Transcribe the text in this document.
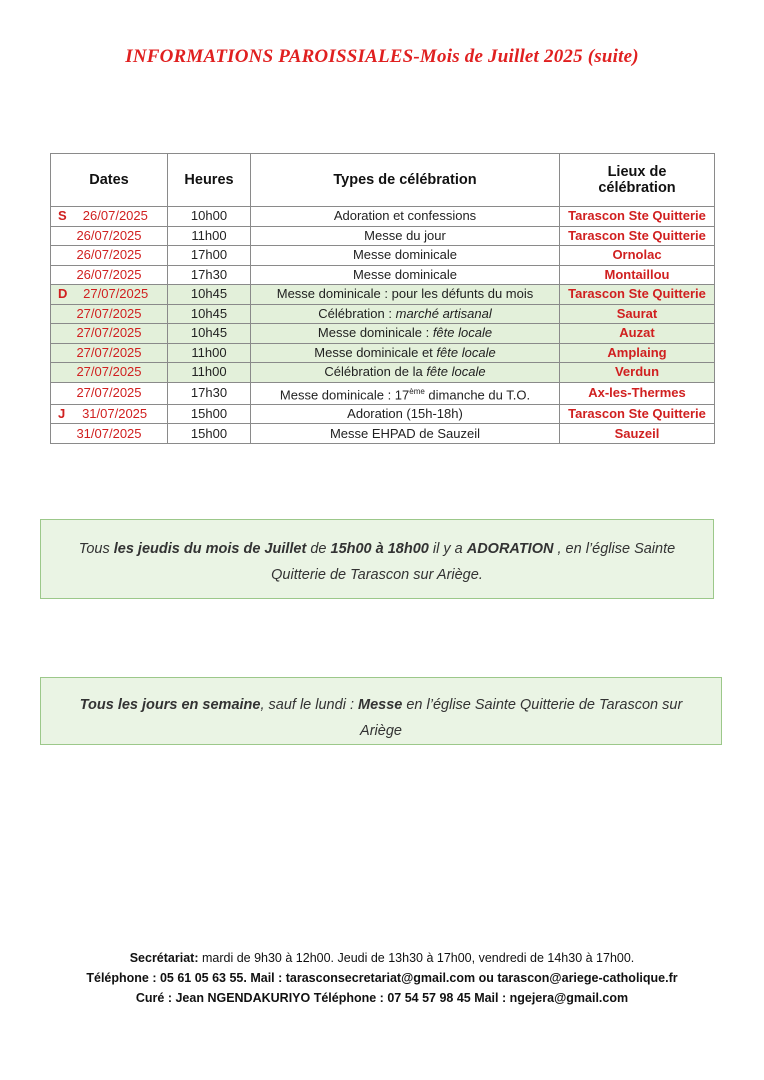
INFORMATIONS PAROISSIALES-Mois de Juillet 2025 (suite)
Dates	Heures	Types de célébration	Lieux de
célébration

S 26/07/2025	10h00	Adoration et confessions	Tarascon Ste Quitterie
26/07/2025	11h00	Messe du jour	Tarascon Ste Quitterie
26/07/2025	17h00	Messe dominicale	Ornolac
26/07/2025	17h30	Messe dominicale	Montaillou

D 27/07/2025	10h45	Messe dominicale : pour les défunts du mois	Tarascon Ste Quitterie
27/07/2025	10h45	Célébration : marché artisanal	Saurat
27/07/2025	10h45	Messe dominicale : fête locale	Auzat
27/07/2025	11h00	Messe dominicale et fête locale	Amplaing
27/07/2025	11h00	Célébration de la fête locale	Verdun
27/07/2025	17h30	Messe dominicale : 17ème dimanche du T.O.	Ax-les-Thermes

J 31/07/2025	15h00	Adoration (15h-18h)	Tarascon Ste Quitterie
31/07/2025	15h00	Messe EHPAD de Sauzeil	Sauzeil
Tous les jeudis du mois de Juillet de 15h00 à 18h00 il y a ADORATION , en l’église Sainte Quitterie de Tarascon sur Ariège.
Tous les jours en semaine, sauf le lundi : Messe en l’église Sainte Quitterie de Tarascon sur Ariège
Secrétariat: mardi de 9h30 à 12h00. Jeudi de 13h30 à 17h00, vendredi de 14h30 à 17h00.
Téléphone : 05 61 05 63 55. Mail : tarasconsecretariat@gmail.com ou tarascon@ariege-catholique.fr
Curé : Jean NGENDAKURIYO Téléphone : 07 54 57 98 45 Mail : ngejera@gmail.com
